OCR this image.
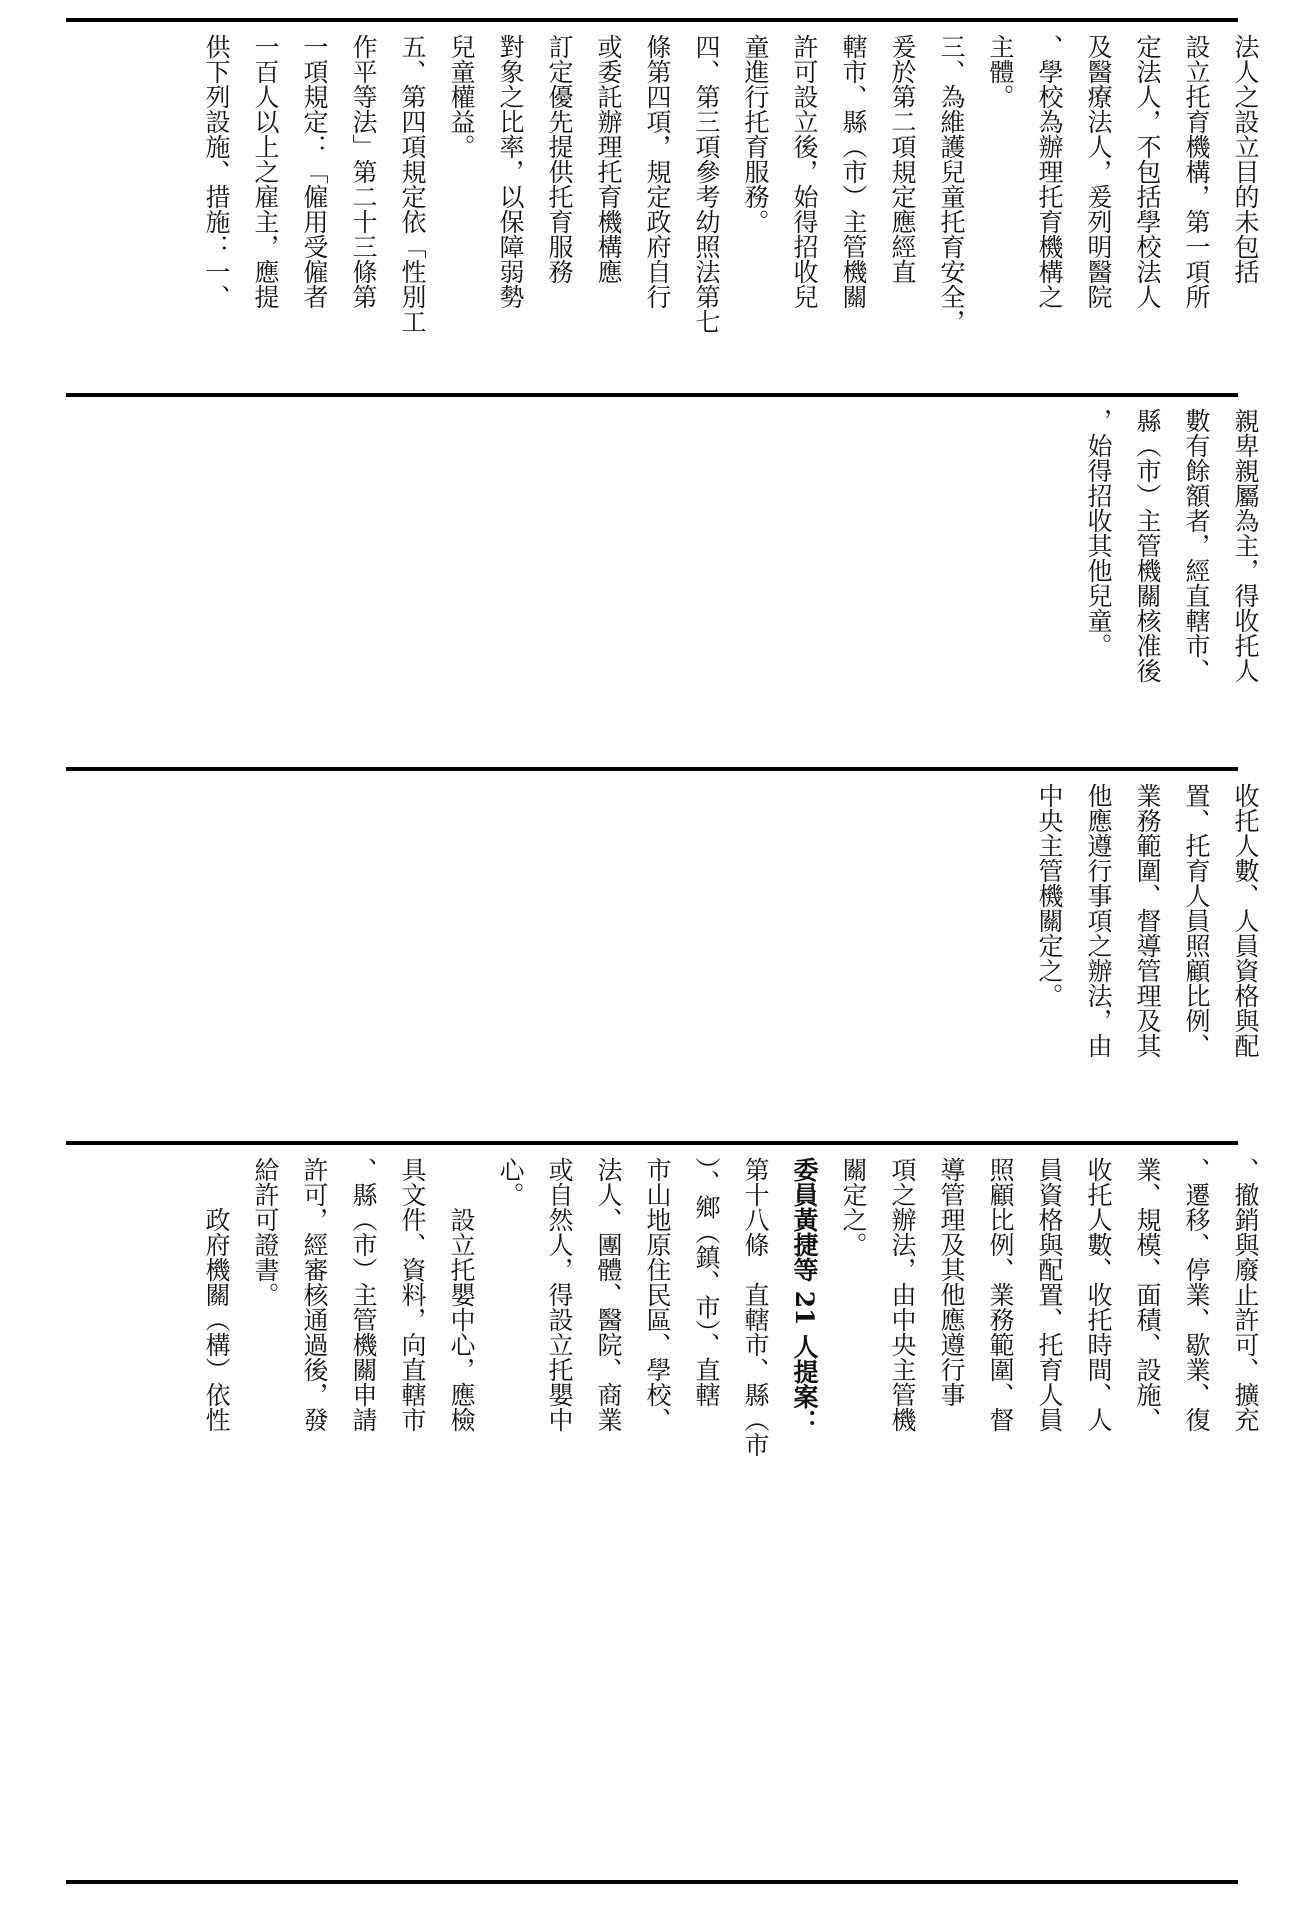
法人之設立目的未包括
設立托育機構，第一項所
定法人，不包括學校法人
及醫療法人，爰列明醫院
、學校為辦理托育機構之
主體。
三、為維護兒童托育安全，
爰於第二項規定應經直
轄市、縣（市）主管機關
許可設立後，始得招收兒
童進行托育服務。
四、第三項參考幼照法第七
條第四項，規定政府自行
或委託辦理托育機構應
訂定優先提供托育服務
對象之比率，以保障弱勢
兒童權益。
五、第四項規定依「性別工
作平等法」第二十三條第
一項規定：「僱用受僱者
一百人以上之雇主，應提
供下列設施、措施：一、
親卑親屬為主，得收托人
數有餘額者，經直轄市、
縣（市）主管機關核准後
，始得招收其他兒童。
收托人數、人員資格與配
置、托育人員照顧比例、
業務範圍、督導管理及其
他應遵行事項之辦法，由
中央主管機關定之。
、撤銷與廢止許可、擴充
、遷移、停業、歇業、復
業、規模、面積、設施、
收托人數、收托時間、人
員資格與配置、托育人員
照顧比例、業務範圍、督
導管理及其他應遵行事
項之辦法，由中央主管機
關定之。
委員黃捷等 21 人提案：
第十八條　直轄市、縣（市
）、鄉（鎮、市）、直轄
市山地原住民區、學校、
法人、團體、醫院、商業
或自然人，得設立托嬰中
心。
　　設立托嬰中心，應檢
具文件、資料，向直轄市
、縣（市）主管機關申請
許可，經審核通過後，發
給許可證書。
　　政府機關（構）依性
